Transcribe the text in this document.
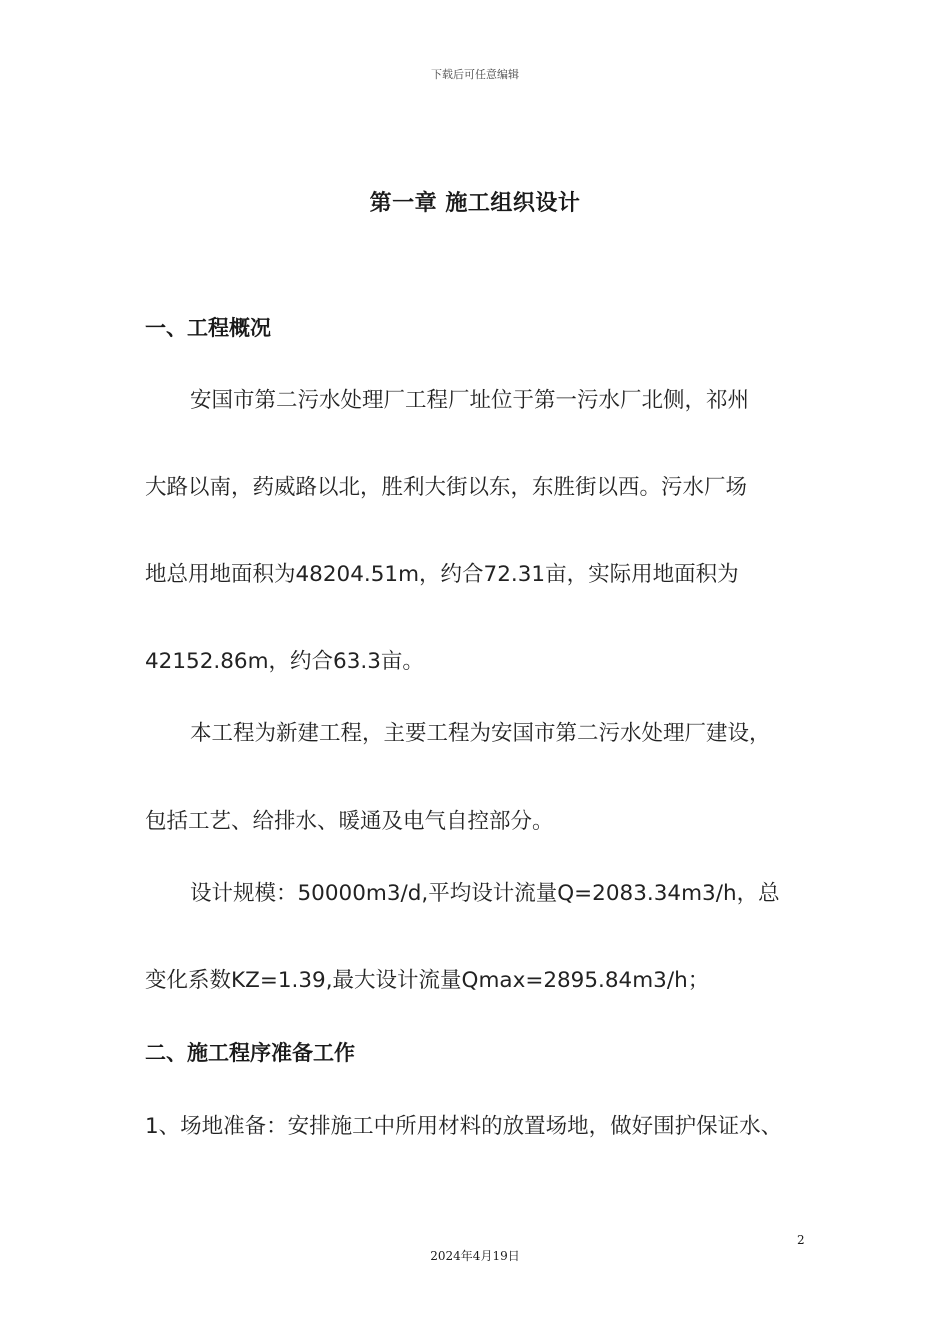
下载后可任意编辑
第一章 施工组织设计
一、工程概况
安国市第二污水处理厂工程厂址位于第一污水厂北侧，祁州
大路以南，药威路以北，胜利大街以东，东胜街以西。污水厂场
地总用地面积为48204.51m，约合72.31亩，实际用地面积为
42152.86m，约合63.3亩。
本工程为新建工程，主要工程为安国市第二污水处理厂建设，
包括工艺、给排水、暖通及电气自控部分。
设计规模：50000m3/d,平均设计流量Q=2083.34m3/h，总
变化系数KZ=1.39,最大设计流量Qmax=2895.84m3/h；
二、施工程序准备工作
1、场地准备：安排施工中所用材料的放置场地，做好围护保证水、
2
2024年4月19日
